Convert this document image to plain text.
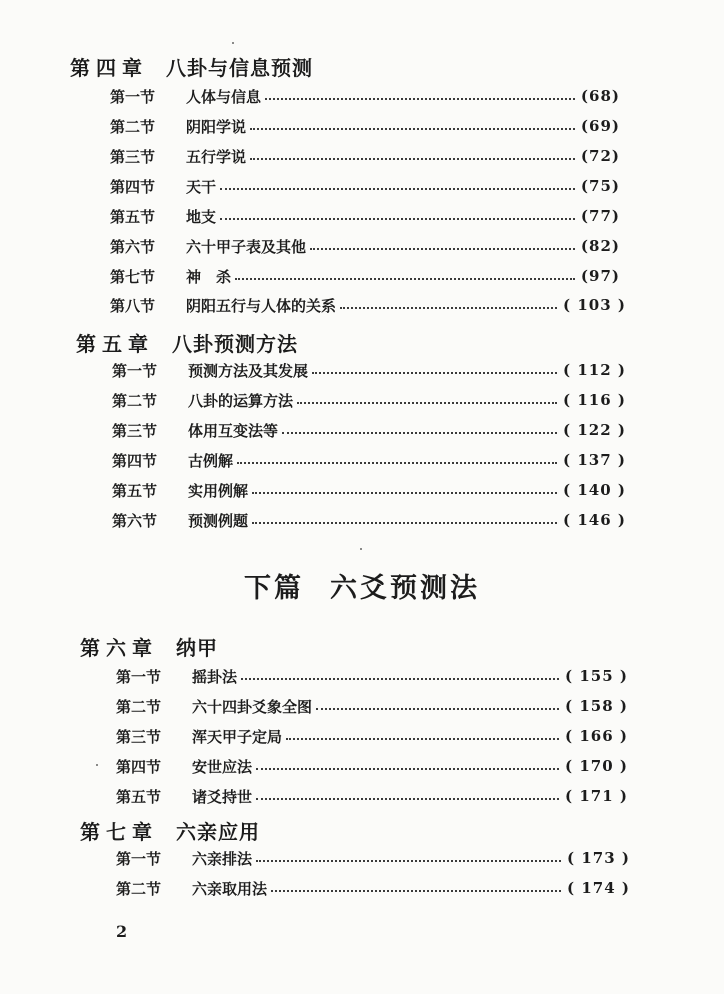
第四章 八卦与信息预测
第一节	人体与信息	(68)
第二节	阴阳学说	(69)
第三节	五行学说	(72)
第四节	天干	(75)
第五节	地支	(77)
第六节	六十甲子表及其他	(82)
第七节	神　杀	(97)
第八节	阴阳五行与人体的关系	( 103 )
第五章 八卦预测方法
第一节	预测方法及其发展	( 112 )
第二节	八卦的运算方法	( 116 )
第三节	体用互变法等	( 122 )
第四节	古例解	( 137 )
第五节	实用例解	( 140 )
第六节	预测例题	( 146 )
下篇 六爻预测法
第六章 纳甲
第一节	摇卦法	( 155 )
第二节	六十四卦爻象全图	( 158 )
第三节	浑天甲子定局	( 166 )
第四节	安世应法	( 170 )
第五节	诸爻持世	( 171 )
第七章 六亲应用
第一节	六亲排法	( 173 )
第二节	六亲取用法	( 174 )
2
